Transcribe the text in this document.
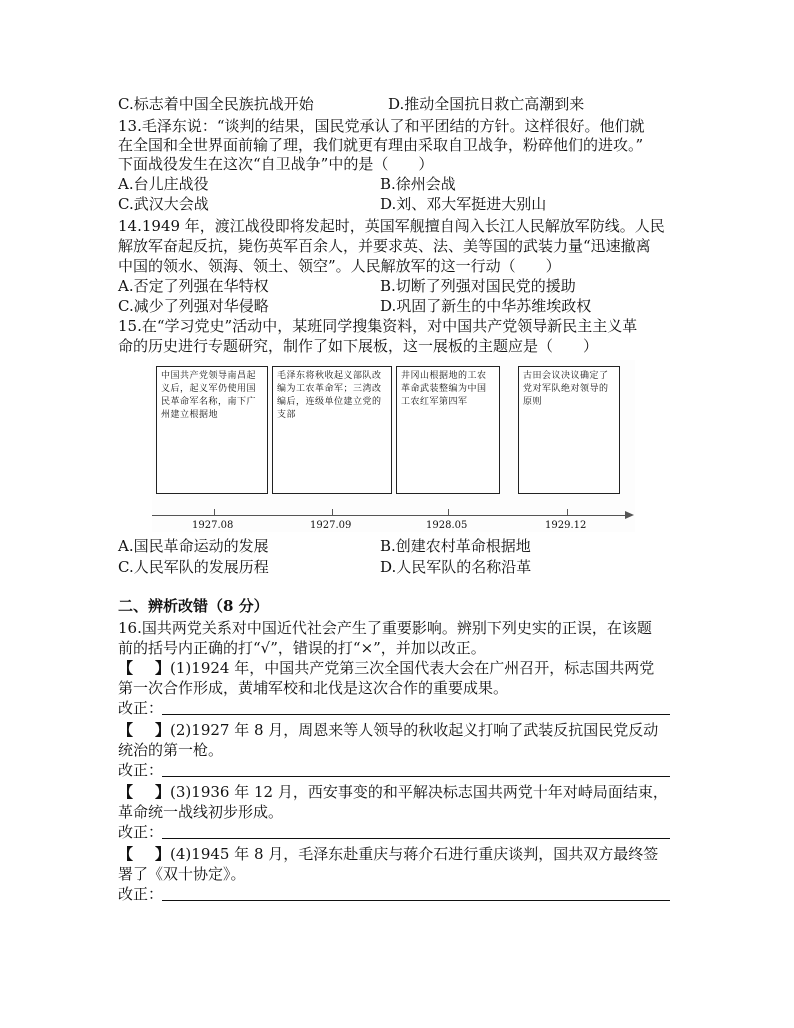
C.标志着中国全民族抗战开始	D.推动全国抗日救亡高潮到来
13.毛泽东说：“谈判的结果，国民党承认了和平团结的方针。这样很好。他们就
在全国和全世界面前输了理，我们就更有理由采取自卫战争，粉碎他们的进攻。”
下面战役发生在这次“自卫战争”中的是（　　）
A.台儿庄战役	B.徐州会战
C.武汉大会战	D.刘、邓大军挺进大别山
14.1949 年，渡江战役即将发起时，英国军舰擅自闯入长江人民解放军防线。人民
解放军奋起反抗，毙伤英军百余人，并要求英、法、美等国的武装力量“迅速撤离
中国的领水、领海、领土、领空”。人民解放军的这一行动（　　）
A.否定了列强在华特权	B.切断了列强对国民党的援助
C.减少了列强对华侵略	D.巩固了新生的中华苏维埃政权
15.在“学习党史”活动中，某班同学搜集资料，对中国共产党领导新民主主义革
命的历史进行专题研究，制作了如下展板，这一展板的主题应是（　　）
中国共产党领导南昌起义后，起义军仍使用国民革命军名称，南下广州建立根据地
毛泽东将秋收起义部队改编为工农革命军；三湾改编后，连级单位建立党的支部
井冈山根据地的工农革命武装整编为中国工农红军第四军
古田会议决议确定了党对军队绝对领导的原则
1927.08	1927.09	1928.05	1929.12
A.国民革命运动的发展	B.创建农村革命根据地
C.人民军队的发展历程	D.人民军队的名称沿革
二、辨析改错（8 分）
16.国共两党关系对中国近代社会产生了重要影响。辨别下列史实的正误，在该题
前的括号内正确的打“√”，错误的打“×”，并加以改正。
【 】(1)1924 年，中国共产党第三次全国代表大会在广州召开，标志国共两党
第一次合作形成，黄埔军校和北伐是这次合作的重要成果。
改正：
【 】(2)1927 年 8 月，周恩来等人领导的秋收起义打响了武装反抗国民党反动
统治的第一枪。
改正：
【 】(3)1936 年 12 月，西安事变的和平解决标志国共两党十年对峙局面结束，
革命统一战线初步形成。
改正：
【 】(4)1945 年 8 月，毛泽东赴重庆与蒋介石进行重庆谈判，国共双方最终签
署了《双十协定》。
改正：
